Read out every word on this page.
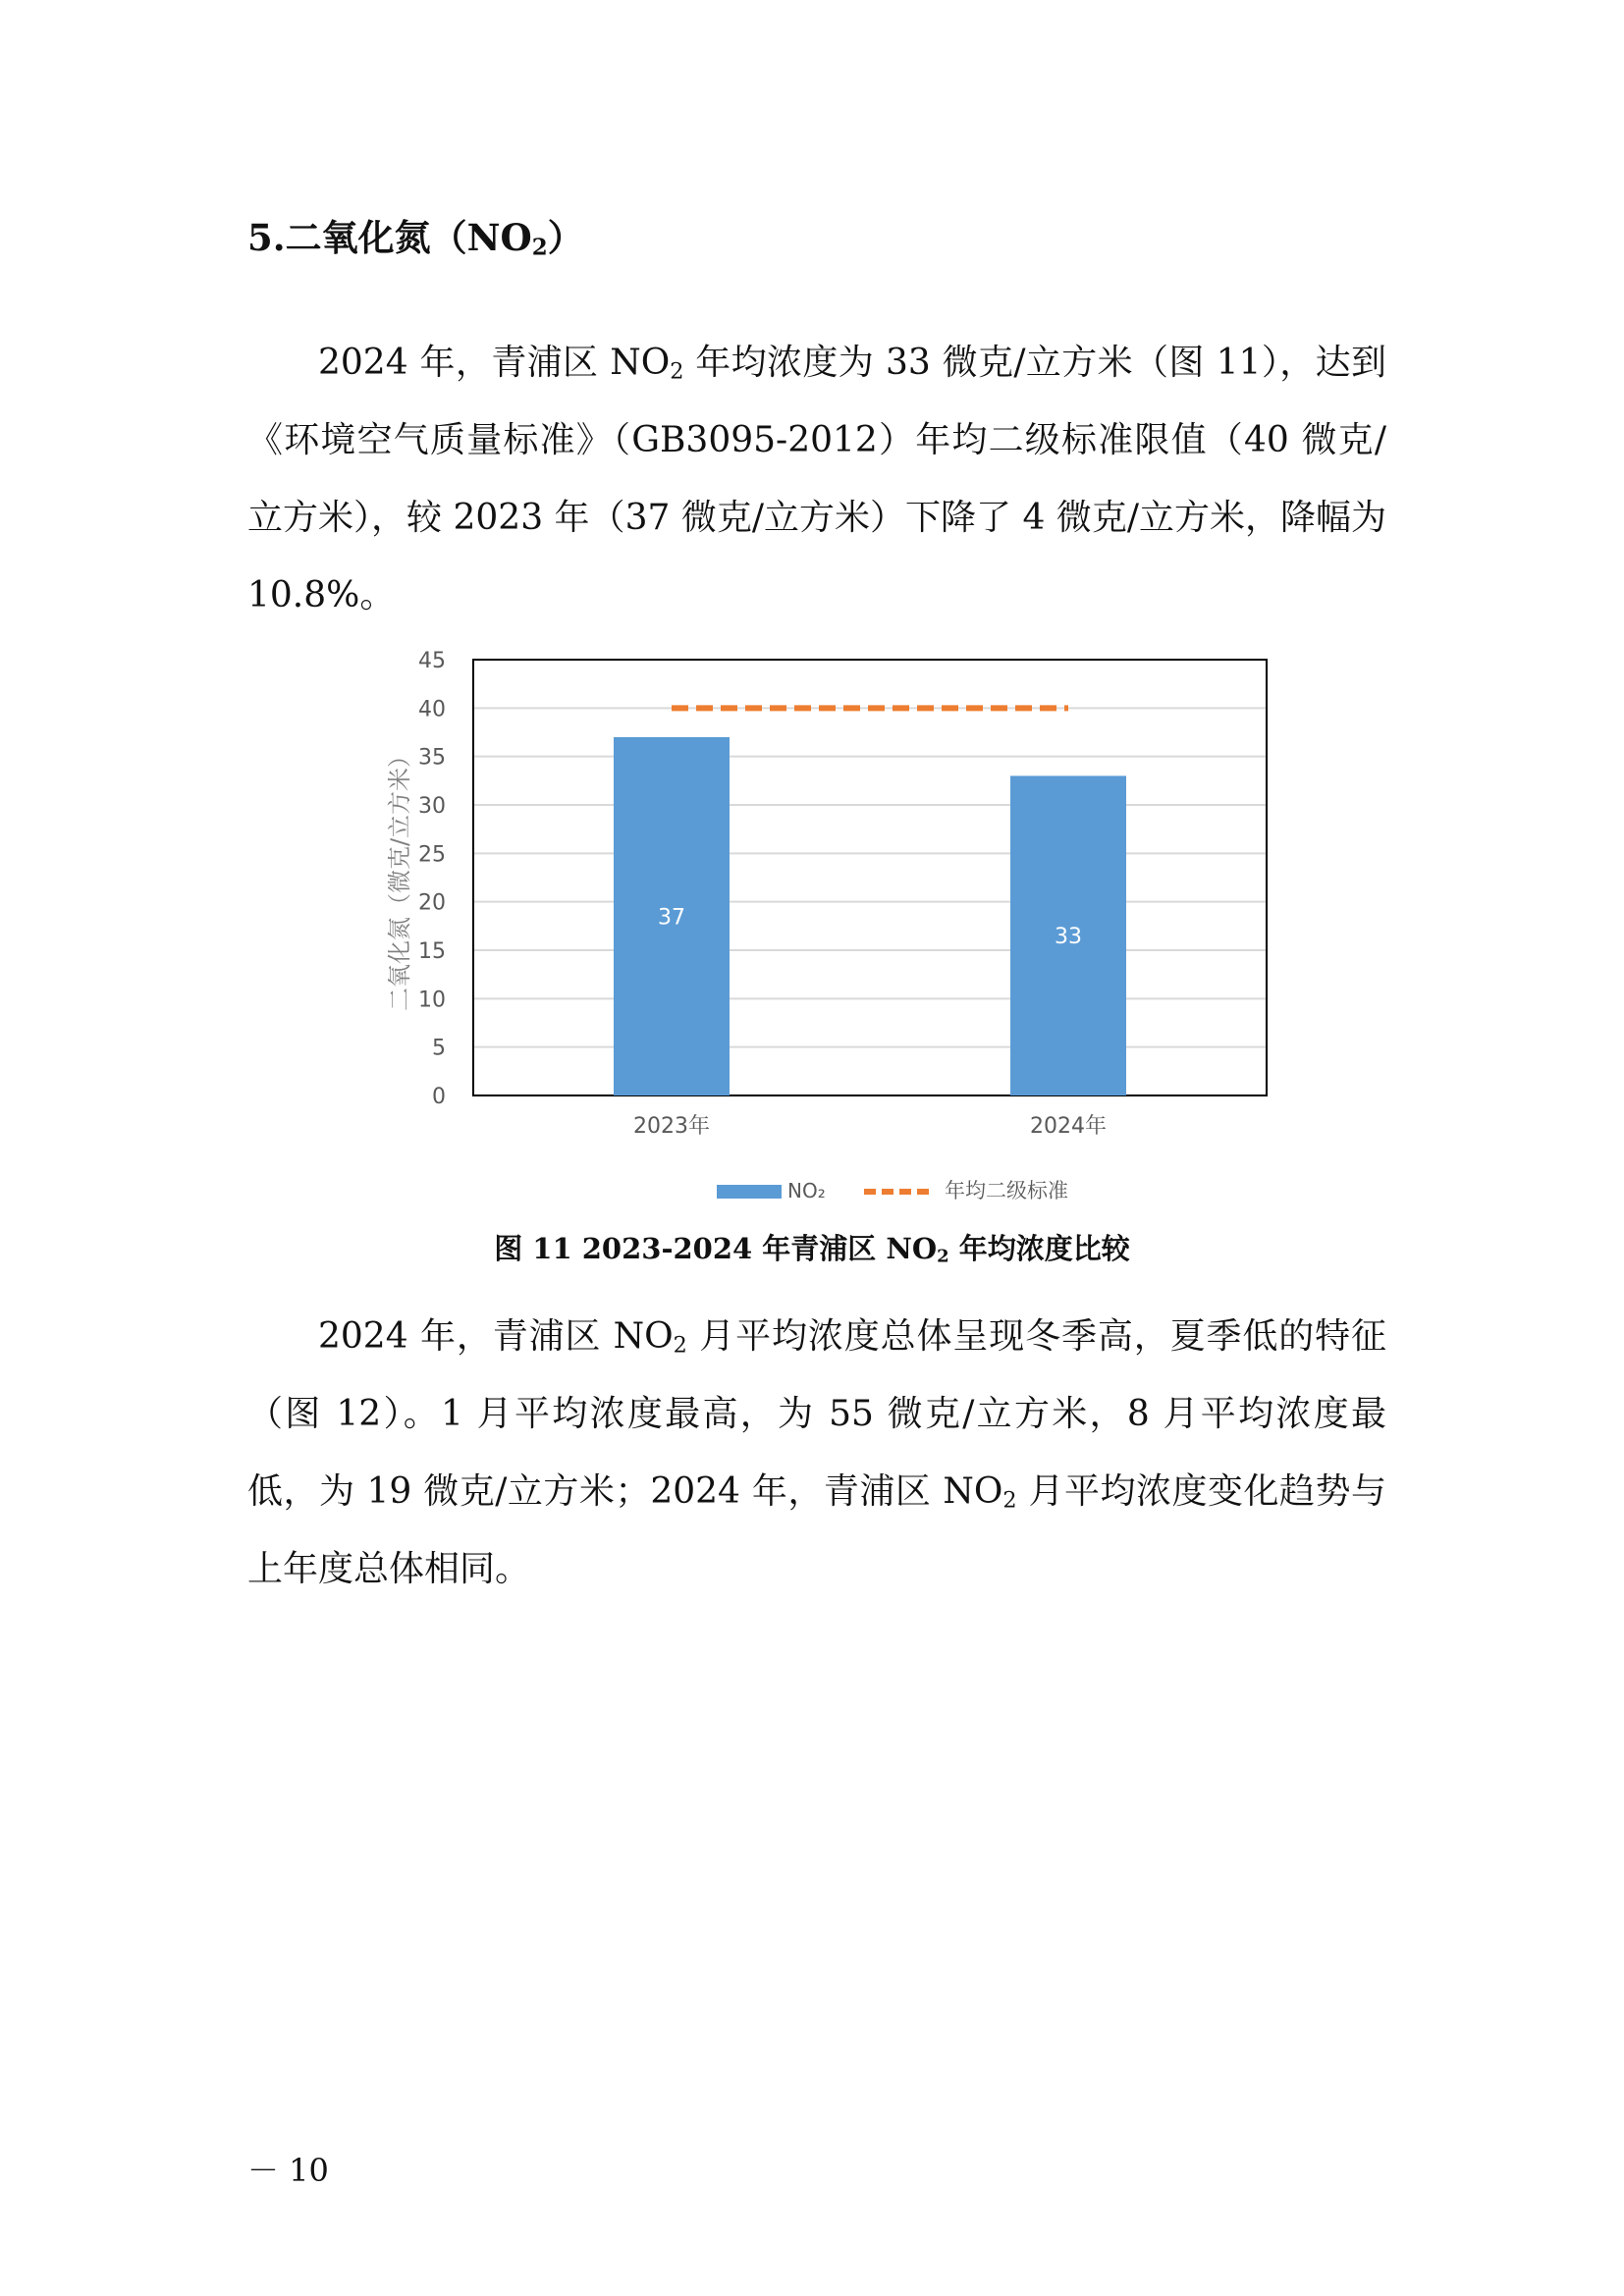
5.二氧化氮$(NO_2)$

2024 年，青浦区 $NO_2$ 年均浓度为 33 微克/立方米（图 11），达到《环境空气质量标准》（GB3095-2012）年均二级标准限值（40 微克/立方米），较 2023 年（37 微克/立方米）下降了 4 微克/立方米，降幅为 10.8%。

0
5
10
15
20
25
30
35
40
45
37
33
2023年	2024年
二氧化氮（微克/立方米）
NO₂	年均二级标准

图 11 2023-2024 年青浦区 $NO_2$ 年均浓度比较

2024 年，青浦区 $NO_2$ 月平均浓度总体呈现冬季高，夏季低的特征（图 12）。1 月平均浓度最高，为 55 微克/立方米，8 月平均浓度最低，为 19 微克/立方米；2024 年，青浦区 $NO_2$ 月平均浓度变化趋势与上年度总体相同。

－ 10
